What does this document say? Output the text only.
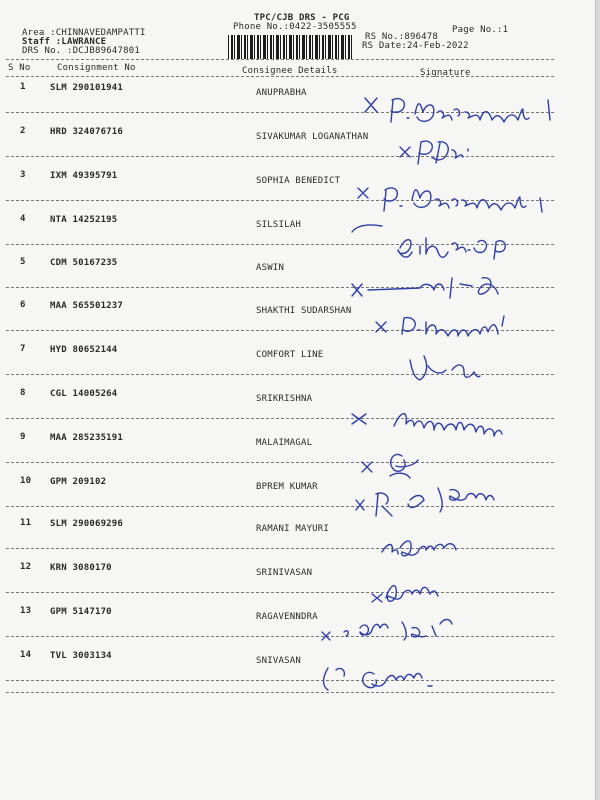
TPC/CJB DRS - PCG
Phone No.:0422-3505555
Area :CHINNAVEDAMPATTI
Staff :LAWRANCE
DRS No. :DCJB89647801
RS No.:896478
RS Date:24-Feb-2022
Page No.:1
S No	Consignment No	Consignee Details	Signature
1	SLM 290101941	ANUPRABHA
2	HRD 324076716	SIVAKUMAR LOGANATHAN
3	IXM 49395791	SOPHIA BENEDICT
4	NTA 14252195	SILSILAH
5	CDM 50167235	ASWIN
6	MAA 565501237	SHAKTHI SUDARSHAN
7	HYD 80652144	COMFORT LINE
8	CGL 14005264	SRIKRISHNA
9	MAA 285235191	MALAIMAGAL
10 GPM 209102	BPREM KUMAR
11 SLM 290069296	RAMANI MAYURI
12 KRN 3080170	SRINIVASAN
13 GPM 5147170	RAGAVENNDRA
14 TVL 3003134	SNIVASAN
